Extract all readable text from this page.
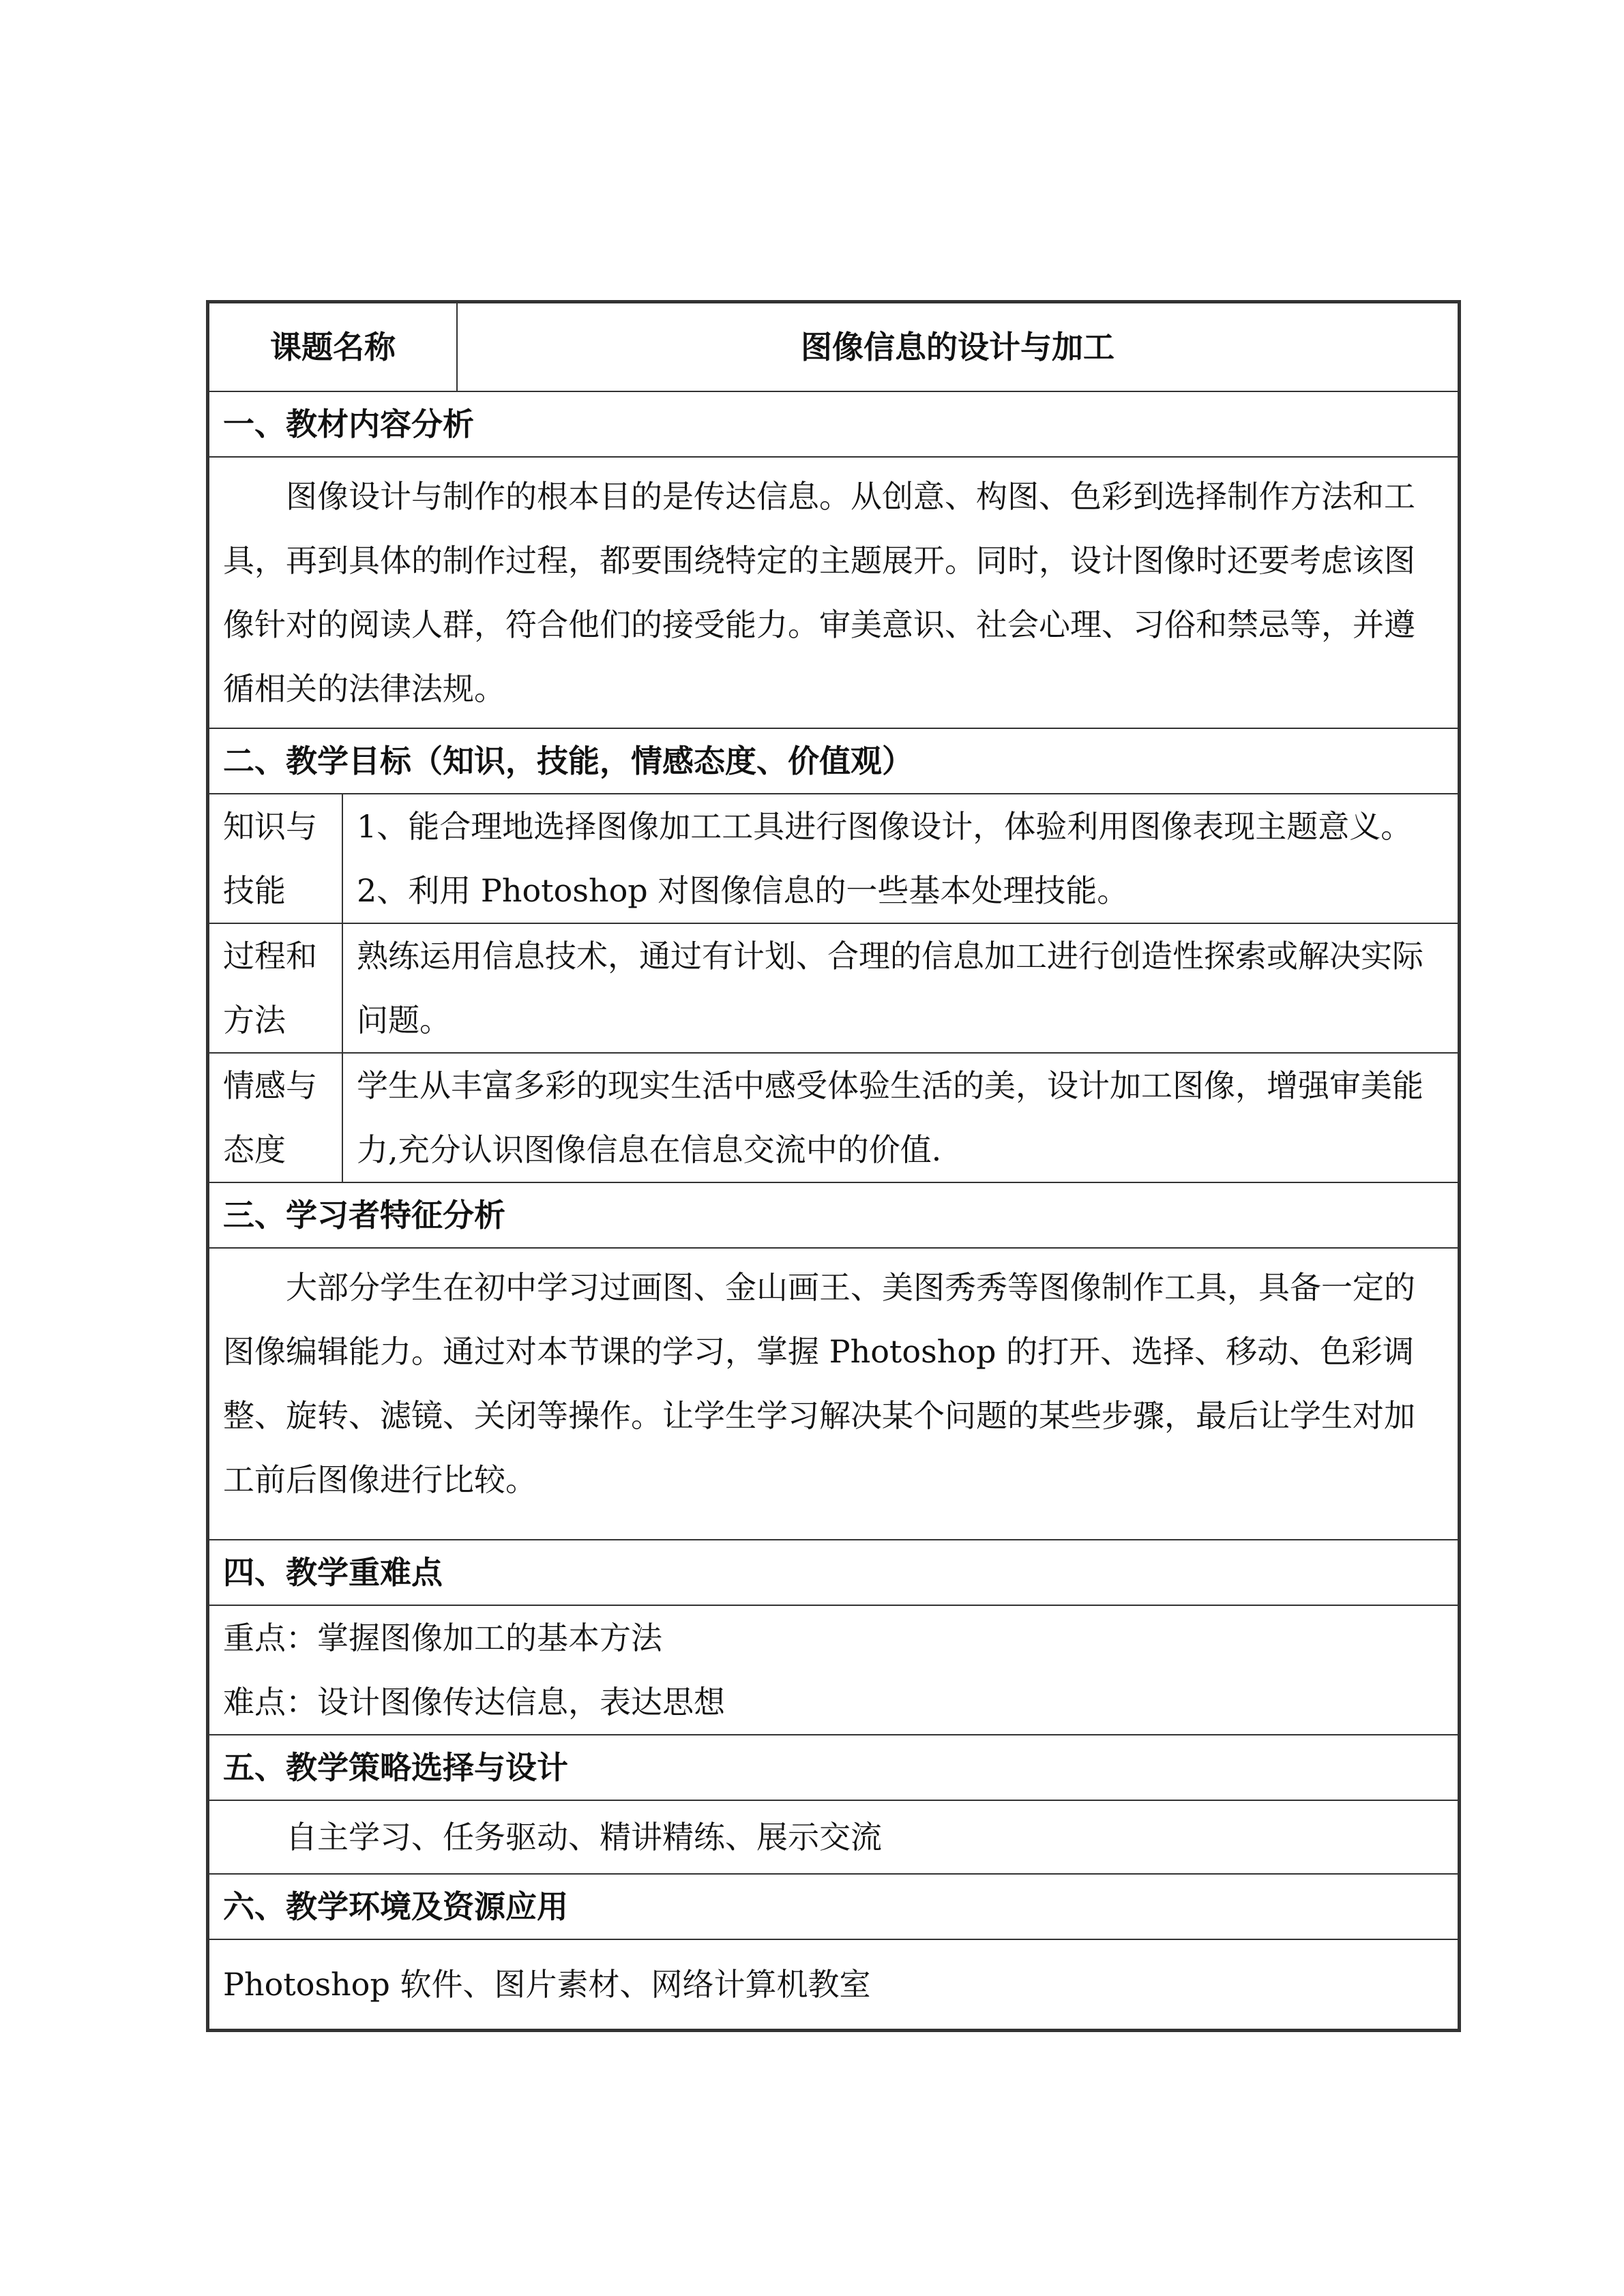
课题名称		图像信息的设计与加工
一、教材内容分析		

图像设计与制作的根本目的是传达信息。从创意、构图、色彩到选择制作方法和工具，再到具体的制作过程，都要围绕特定的主题展开。同时，设计图像时还要考虑该图像针对的阅读人群，符合他们的接受能力。审美意识、社会心理、习俗和禁忌等，并遵循相关的法律法规。		

二、教学目标（知识，技能，情感态度、价值观）		
知识与技能	1、能合理地选择图像加工工具进行图像设计，体验利用图像表现主题意义。

2、利用 Photoshop 对图像信息的一些基本处理技能。	

过程和方法	熟练运用信息技术，通过有计划、合理的信息加工进行创造性探索或解决实际问题。	
情感与态度	学生从丰富多彩的现实生活中感受体验生活的美，设计加工图像，增强审美能力,充分认识图像信息在信息交流中的价值.	
三、学习者特征分析		

大部分学生在初中学习过画图、金山画王、美图秀秀等图像制作工具，具备一定的图像编辑能力。通过对本节课的学习，掌握 Photoshop 的打开、选择、移动、色彩调整、旋转、滤镜、关闭等操作。让学生学习解决某个问题的某些步骤，最后让学生对加工前后图像进行比较。		

四、教学重难点		

重点：掌握图像加工的基本方法

难点：设计图像传达信息，表达思想		

五、教学策略选择与设计		

自主学习、任务驱动、精讲精练、展示交流		

六、教学环境及资源应用		
Photoshop 软件、图片素材、网络计算机教室		
